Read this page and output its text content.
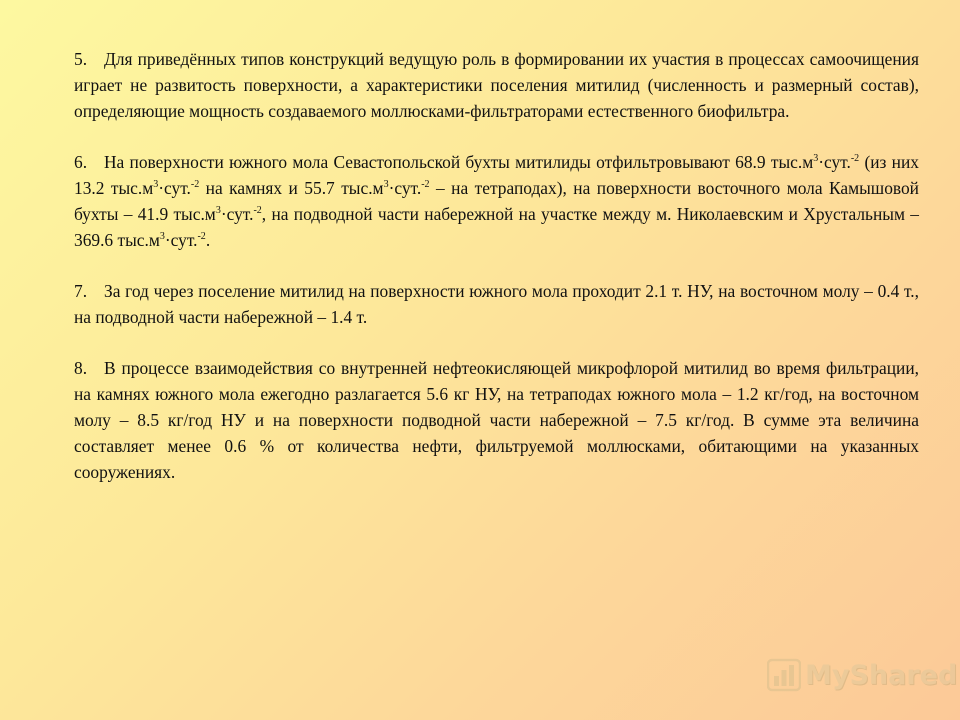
5. Для приведённых типов конструкций ведущую роль в формировании их участия в процессах самоочищения играет не развитость поверхности, а характеристики поселения митилид (численность и размерный состав), определяющие мощность создаваемого моллюсками-фильтраторами естественного биофильтра.

6. На поверхности южного мола Севастопольской бухты митилиды отфильтровывают 68.9 $тыс.м^3\cdot сут.^{-2}$ (из них 13.2 $тыс.м^3\cdot сут.^{-2}$ на камнях и 55.7 $тыс.м^3\cdot сут.^{-2}$ – на тетраподах), на поверхности восточного мола Камышовой бухты – 41.9 $тыс.м^3\cdot сут.^{-2}$, на подводной части набережной на участке между м. Николаевским и Хрустальным – 369.6 $тыс.м^3\cdot сут.^{-2}$.

7. За год через поселение митилид на поверхности южного мола проходит 2.1 т. НУ, на восточном молу – 0.4 т., на подводной части набережной – 1.4 т.

8. В процессе взаимодействия со внутренней нефтеокисляющей микрофлорой митилид во время фильтрации, на камнях южного мола ежегодно разлагается 5.6 кг НУ, на тетраподах южного мола – 1.2 кг/год, на восточном молу – 8.5 кг/год НУ и на поверхности подводной части набережной – 7.5 кг/год. В сумме эта величина составляет менее 0.6 % от количества нефти, фильтруемой моллюсками, обитающими на указанных сооружениях.

MyShared
